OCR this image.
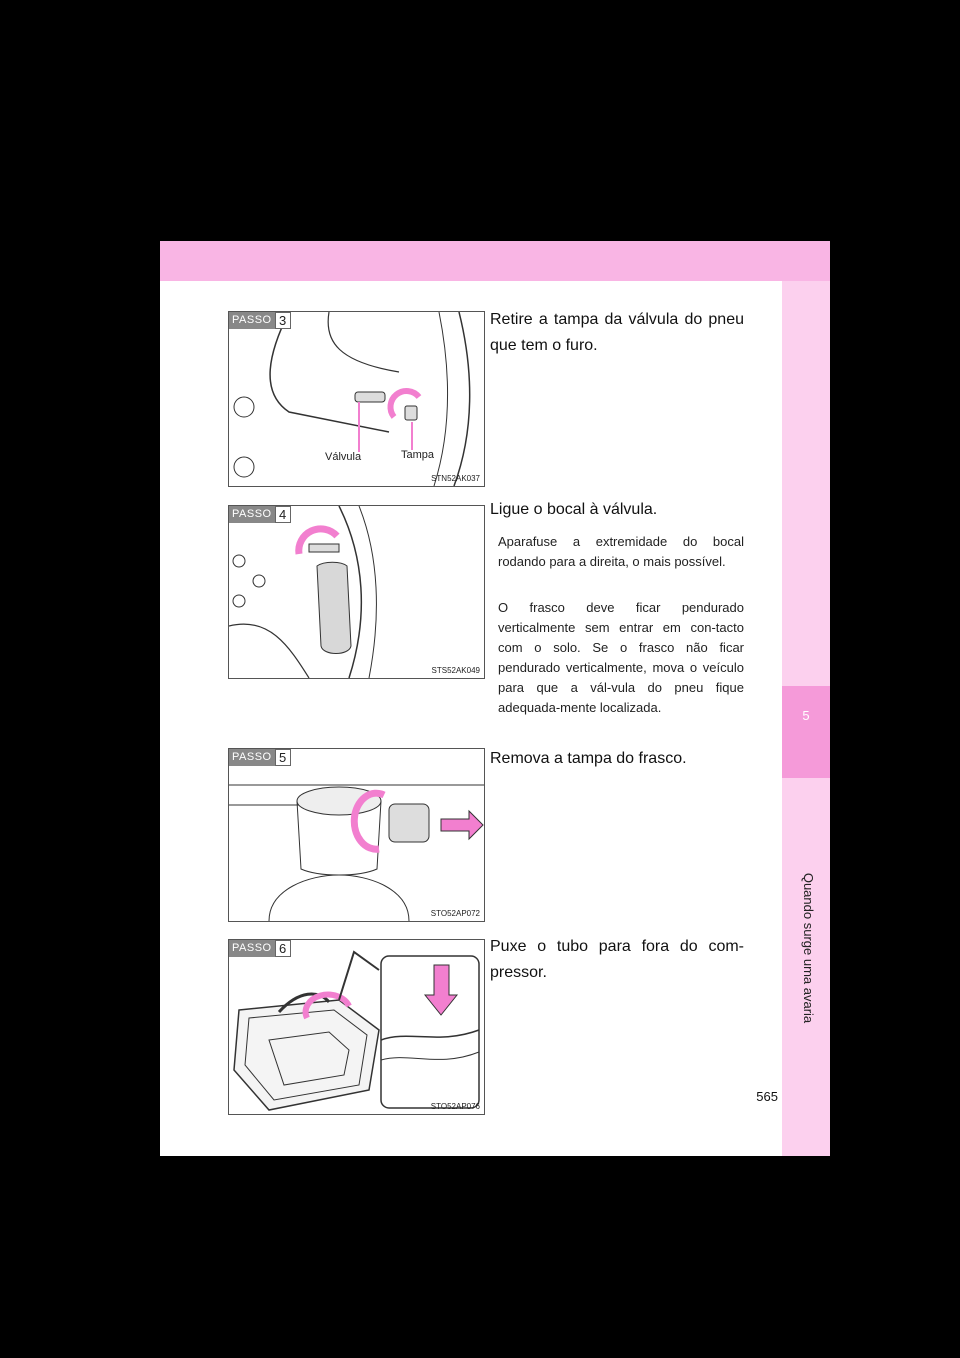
5
Quando surge uma avaria
PASSO 3
Válvula	Tampa
STN52AK037
Retire a tampa da válvula do pneu que tem o furo.
PASSO 4
STS52AK049
Ligue o bocal à válvula.
Aparafuse a extremidade do bocal rodando para a direita, o mais possível.
O frasco deve ficar pendurado verticalmente sem entrar em con-tacto com o solo. Se o frasco não ficar pendurado verticalmente, mova o veículo para que a vál-vula do pneu fique adequada-mente localizada.
PASSO 5
STO52AP072
Remova a tampa do frasco.
PASSO 6
STO52AP076
Puxe o tubo para fora do com-pressor.
565
